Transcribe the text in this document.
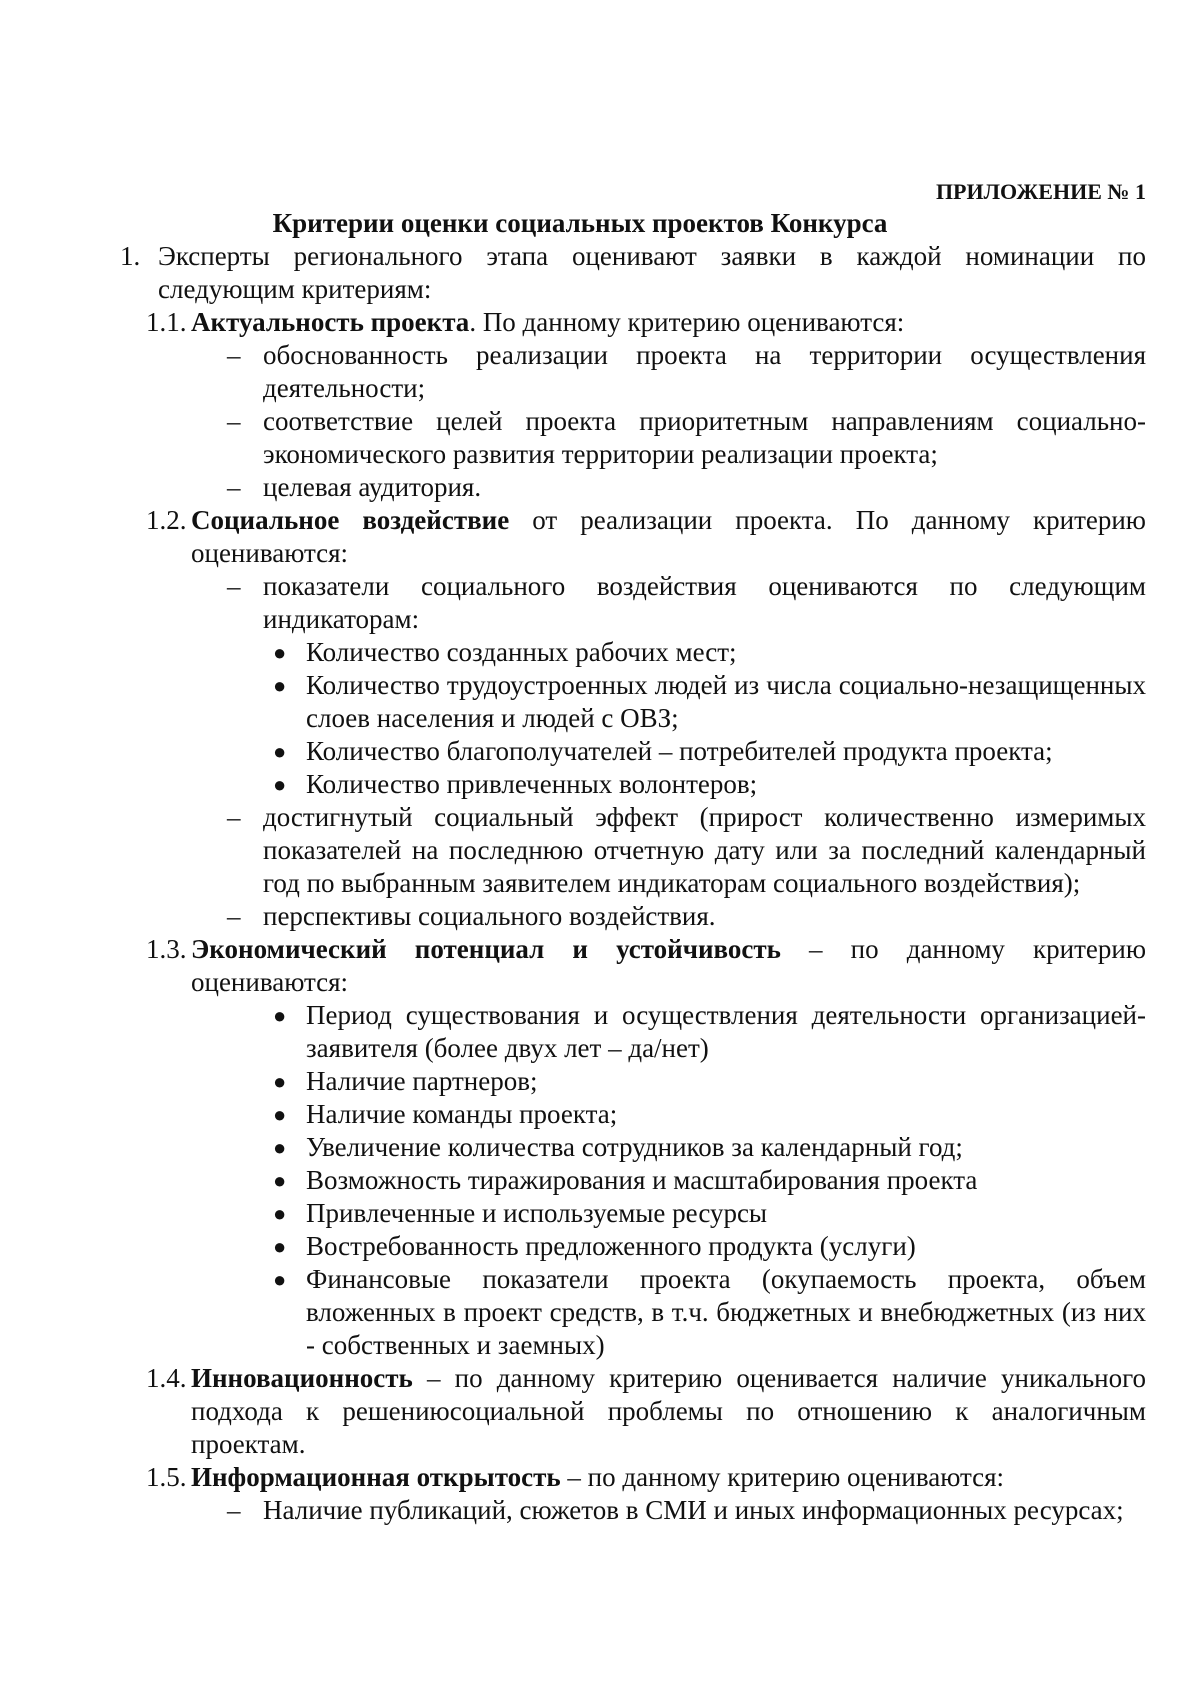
ПРИЛОЖЕНИЕ № 1
Критерии оценки социальных проектов Конкурса
1. Эксперты регионального этапа оценивают заявки в каждой номинации по следующим критериям:
1.1. Актуальность проекта. По данному критерию оцениваются:
– обоснованность реализации проекта на территории осуществления деятельности;
– соответствие целей проекта приоритетным направлениям социально-экономического развития территории реализации проекта;
– целевая аудитория.
1.2. Социальное воздействие от реализации проекта. По данному критерию оцениваются:
– показатели социального воздействия оцениваются по следующим индикаторам:
● Количество созданных рабочих мест;
● Количество трудоустроенных людей из числа социально-незащищенных слоев населения и людей с ОВЗ;
● Количество благополучателей – потребителей продукта проекта;
● Количество привлеченных волонтеров;
– достигнутый социальный эффект (прирост количественно измеримых показателей на последнюю отчетную дату или за последний календарный год по выбранным заявителем индикаторам социального воздействия);
– перспективы социального воздействия.
1.3. Экономический потенциал и устойчивость – по данному критерию оцениваются:
● Период существования и осуществления деятельности организацией-заявителя (более двух лет – да/нет)
● Наличие партнеров;
● Наличие команды проекта;
● Увеличение количества сотрудников за календарный год;
● Возможность тиражирования и масштабирования проекта
● Привлеченные и используемые ресурсы
● Востребованность предложенного продукта (услуги)
● Финансовые показатели проекта (окупаемость проекта, объем вложенных в проект средств, в т.ч. бюджетных и внебюджетных (из них - собственных и заемных)
1.4. Инновационность – по данному критерию оценивается наличие уникального подхода к решениюсоциальной проблемы по отношению к аналогичным проектам.
1.5. Информационная открытость – по данному критерию оцениваются:
– Наличие публикаций, сюжетов в СМИ и иных информационных ресурсах;
